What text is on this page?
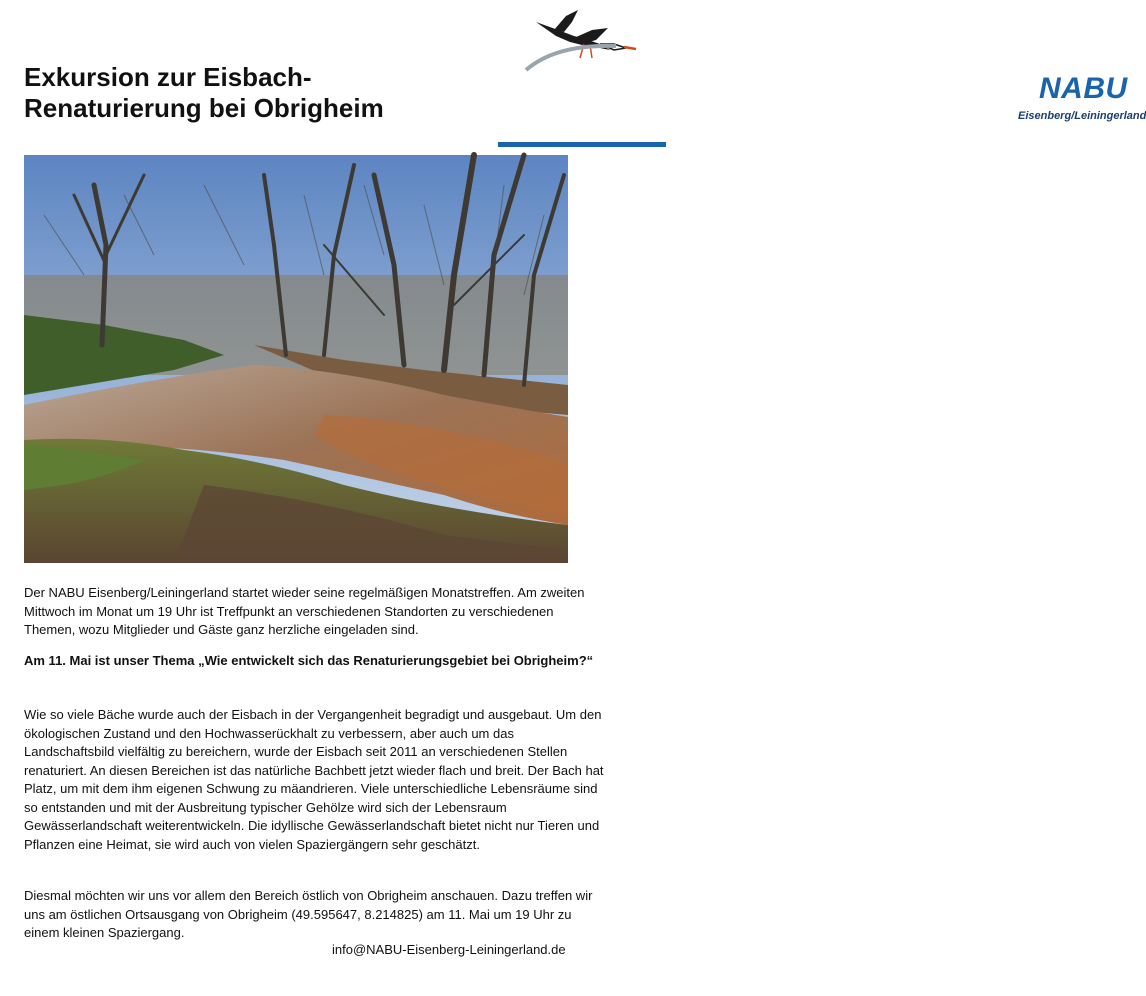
Exkursion zur Eisbach-Renaturierung bei Obrigheim
NABU
Eisenberg/Leiningerland

Der NABU Eisenberg/Leiningerland startet wieder seine regelmäßigen Monatstreffen. Am zweiten Mittwoch im Monat um 19 Uhr ist Treffpunkt an verschiedenen Standorten zu verschiedenen Themen, wozu Mitglieder und Gäste ganz herzliche eingeladen sind.

Am 11. Mai ist unser Thema „Wie entwickelt sich das Renaturierungsgebiet bei Obrigheim?“

Wie so viele Bäche wurde auch der Eisbach in der Vergangenheit begradigt und ausgebaut. Um den ökologischen Zustand und den Hochwasserückhalt zu verbessern, aber auch um das Landschaftsbild vielfältig zu bereichern, wurde der Eisbach seit 2011 an verschiedenen Stellen renaturiert. An diesen Bereichen ist das natürliche Bachbett jetzt wieder flach und breit. Der Bach hat Platz, um mit dem ihm eigenen Schwung zu mäandrieren. Viele unterschiedliche Lebensräume sind so entstanden und mit der Ausbreitung typischer Gehölze wird sich der Lebensraum Gewässerlandschaft weiterentwickeln. Die idyllische Gewässerlandschaft bietet nicht nur Tieren und Pflanzen eine Heimat, sie wird auch von vielen Spaziergängern sehr geschätzt.

Diesmal möchten wir uns vor allem den Bereich östlich von Obrigheim anschauen. Dazu treffen wir uns am östlichen Ortsausgang von Obrigheim (49.595647, 8.214825) am 11. Mai um 19 Uhr zu einem kleinen Spaziergang.

info@NABU-Eisenberg-Leiningerland.de
